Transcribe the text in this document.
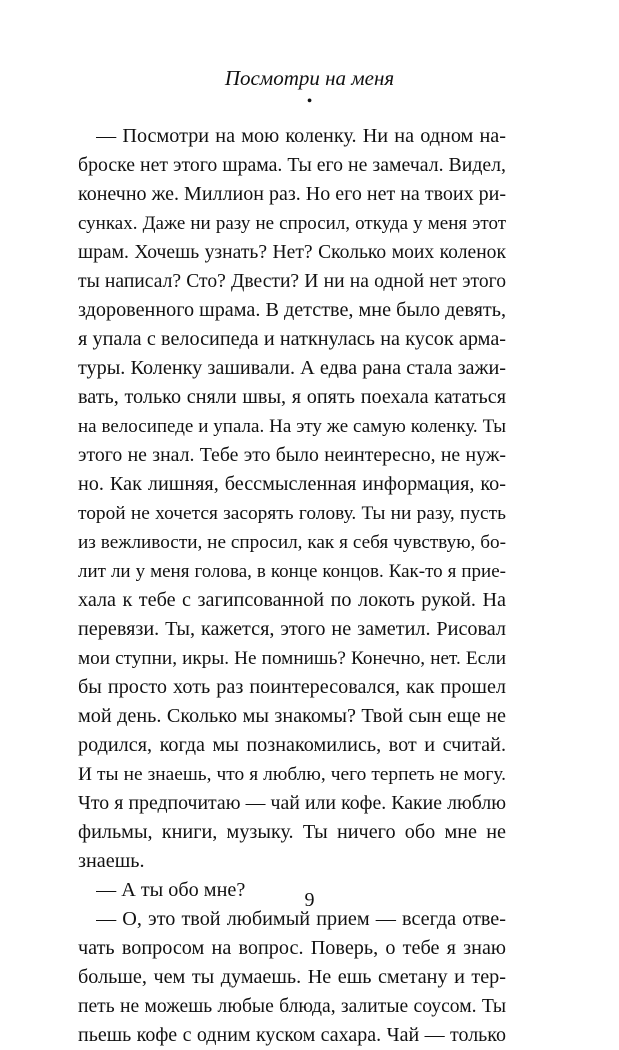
Посмотри на меня
•
— Посмотри на мою коленку. Ни на одном на-
броске нет этого шрама. Ты его не замечал. Видел,
конечно же. Миллион раз. Но его нет на твоих ри-
сунках. Даже ни разу не спросил, откуда у меня этот
шрам. Хочешь узнать? Нет? Сколько моих коленок
ты написал? Сто? Двести? И ни на одной нет этого
здоровенного шрама. В детстве, мне было девять,
я упала с велосипеда и наткнулась на кусок арма-
туры. Коленку зашивали. А едва рана стала зажи-
вать, только сняли швы, я опять поехала кататься
на велосипеде и упала. На эту же самую коленку. Ты
этого не знал. Тебе это было неинтересно, не нуж-
но. Как лишняя, бессмысленная информация, ко-
торой не хочется засорять голову. Ты ни разу, пусть
из вежливости, не спросил, как я себя чувствую, бо-
лит ли у меня голова, в конце концов. Как-то я прие-
хала к тебе с загипсованной по локоть рукой. На
перевязи. Ты, кажется, этого не заметил. Рисовал
мои ступни, икры. Не помнишь? Конечно, нет. Если
бы просто хоть раз поинтересовался, как прошел
мой день. Сколько мы знакомы? Твой сын еще не
родился, когда мы познакомились, вот и считай.
И ты не знаешь, что я люблю, чего терпеть не могу.
Что я предпочитаю — чай или кофе. Какие люблю
фильмы, книги, музыку. Ты ничего обо мне не
знаешь.
— А ты обо мне?
— О, это твой любимый прием — всегда отве-
чать вопросом на вопрос. Поверь, о тебе я знаю
больше, чем ты думаешь. Не ешь сметану и тер-
петь не можешь любые блюда, залитые соусом. Ты
пьешь кофе с одним куском сахара. Чай — только
9
